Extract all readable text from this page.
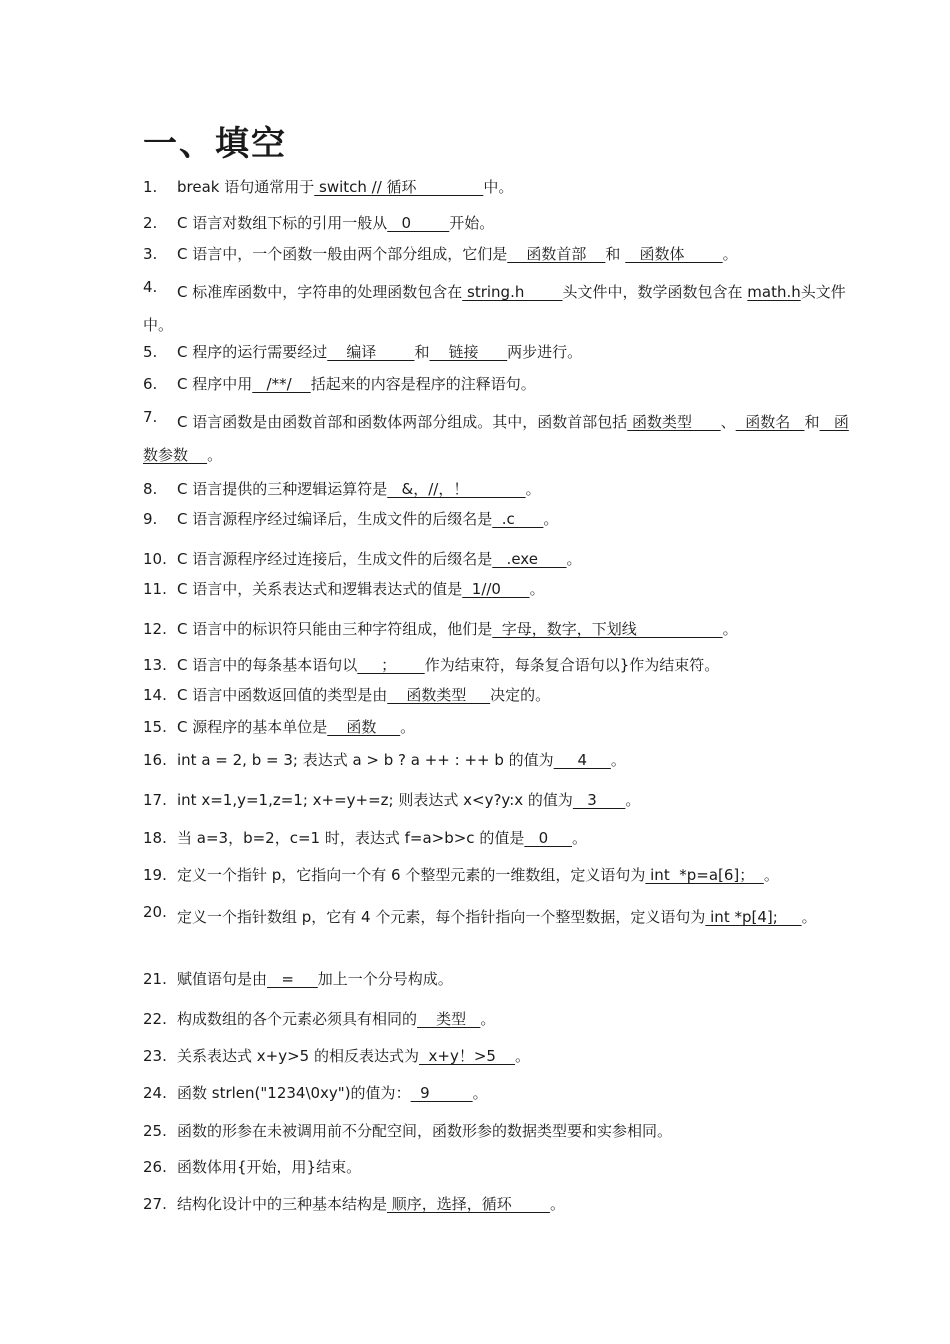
一、填空
1. break 语句通常用于 switch // 循环              中。
2. C 语言对数组下标的引用一般从   0        开始。
3. C 语言中，一个函数一般由两个部分组成，它们是    函数首部    和    函数体        。
4.	C 标准库函数中，字符串的处理函数包含在 string.h        头文件中，数学函数包含在 math.h头文件中。
5. C 程序的运行需要经过    编译        和    链接      两步进行。
6. C 程序中用   /**/    括起来的内容是程序的注释语句。
7.	C 语言函数是由函数首部和函数体两部分组成。其中，函数首部包括 函数类型      、  函数名   和   函数参数    。
8. C 语言提供的三种逻辑运算符是   &，//，！            。
9. C 语言源程序经过编译后，生成文件的后缀名是  .c      。
10. C 语言源程序经过连接后，生成文件的后缀名是   .exe      。
11. C 语言中，关系表达式和逻辑表达式的值是  1//0      。
12. C 语言中的标识符只能由三种字符组成，他们是  字母，数字，下划线                  。
13. C 语言中的每条基本语句以     ；      作为结束符，每条复合语句以}作为结束符。
14. C 语言中函数返回值的类型是由    函数类型     决定的。
15. C 源程序的基本单位是    函数     。
16. int a = 2, b = 3; 表达式 a > b ? a ++ : ++ b 的值为     4     。
17. int x=1,y=1,z=1; x+=y+=z; 则表达式 x<y?y:x 的值为   3      。
18. 当 a=3，b=2，c=1 时，表达式 f=a>b>c 的值是   0     。
19. 定义一个指针 p，它指向一个有 6 个整型元素的一维数组，定义语句为 int  *p=a[6]；  。
20. 定义一个指针数组 p，它有 4 个元素，每个指针指向一个整型数据，定义语句为 int *p[4];     。
21. 赋值语句是由   =     加上一个分号构成。
22. 构成数组的各个元素必须具有相同的    类型   。
23. 关系表达式 x+y>5 的相反表达式为  x+y！>5    。
24. 函数 strlen("1234\0xy")的值为：  9         。
25. 函数的形参在未被调用前不分配空间，函数形参的数据类型要和实参相同。
26. 函数体用{开始，用}结束。
27. 结构化设计中的三种基本结构是 顺序，选择，循环        。
